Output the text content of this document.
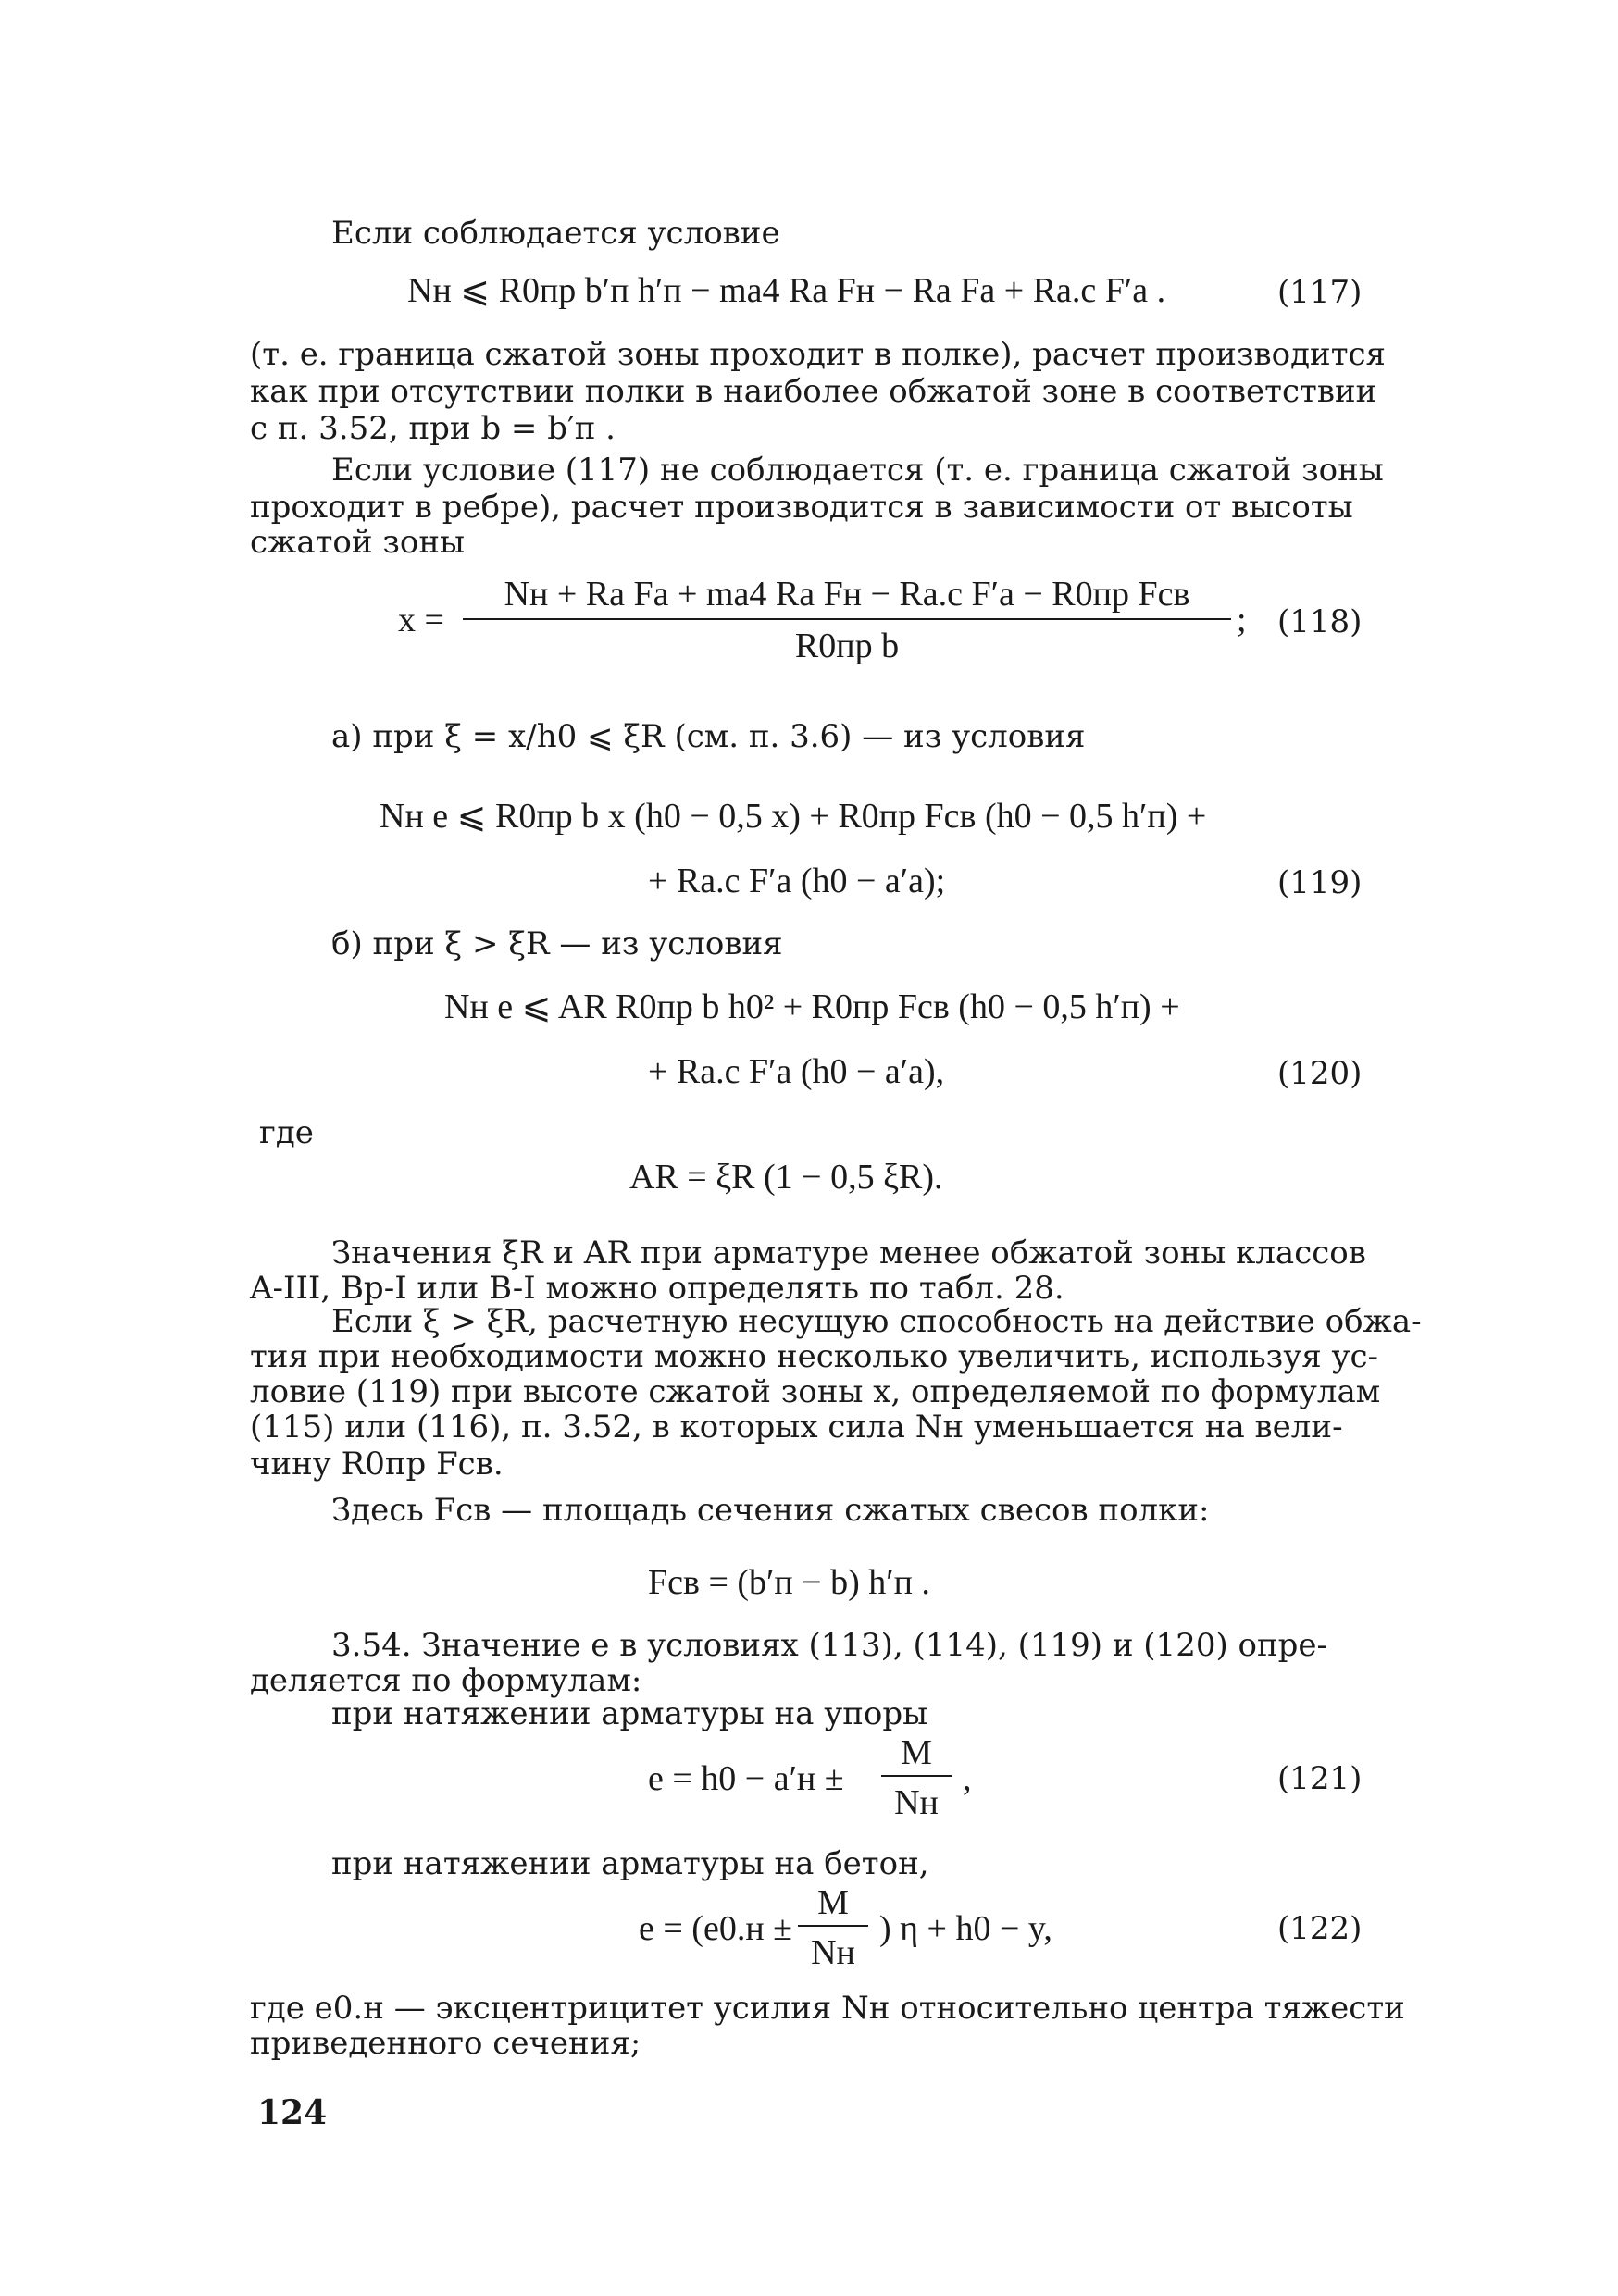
Если соблюдается условие
Nн ⩽ R0пр b′п h′п − ma4 Ra Fн − Ra Fa + Ra.c F′a .	(117)
(т. е. граница сжатой зоны проходит в полке), расчет производится
как при отсутствии полки в наиболее обжатой зоне в соответствии
с п. 3.52, при b = b′п .
Если условие (117) не соблюдается (т. е. граница сжатой зоны
проходит в ребре), расчет производится в зависимости от высоты
сжатой зоны
x =
Nн + Ra Fa + ma4 Ra Fн − Ra.c F′a − R0пр Fсв
R0пр b
; (118)
а) при ξ = x/h0 ⩽ ξR (см. п. 3.6) — из условия
Nн e ⩽ R0пр b x (h0 − 0,5 x) + R0пр Fсв (h0 − 0,5 h′п) +
+ Ra.c F′a (h0 − a′a);	(119)
б) при ξ > ξR — из условия
Nн e ⩽ AR R0пр b h0² + R0пр Fсв (h0 − 0,5 h′п) +
+ Ra.c F′a (h0 − a′a),	(120)
где
AR = ξR (1 − 0,5 ξR).
Значения ξR и AR при арматуре менее обжатой зоны классов
A-III, Bp-I или B-I можно определять по табл. 28.
Если ξ > ξR, расчетную несущую способность на действие обжа-
тия при необходимости можно несколько увеличить, используя ус-
ловие (119) при высоте сжатой зоны x, определяемой по формулам
(115) или (116), п. 3.52, в которых сила Nн уменьшается на вели-
чину R0пр Fсв.
Здесь Fсв — площадь сечения сжатых свесов полки:
Fсв = (b′п − b) h′п .
3.54. Значение e в условиях (113), (114), (119) и (120) опре-
деляется по формулам:
при натяжении арматуры на упоры
e = h0 − a′н ±
M
Nн
,	(121)
при натяжении арматуры на бетон,
e = (e0.н ±
M
Nн
) η + h0 − y,	(122)
где e0.н — эксцентрицитет усилия Nн относительно центра тяжести
приведенного сечения;
124
